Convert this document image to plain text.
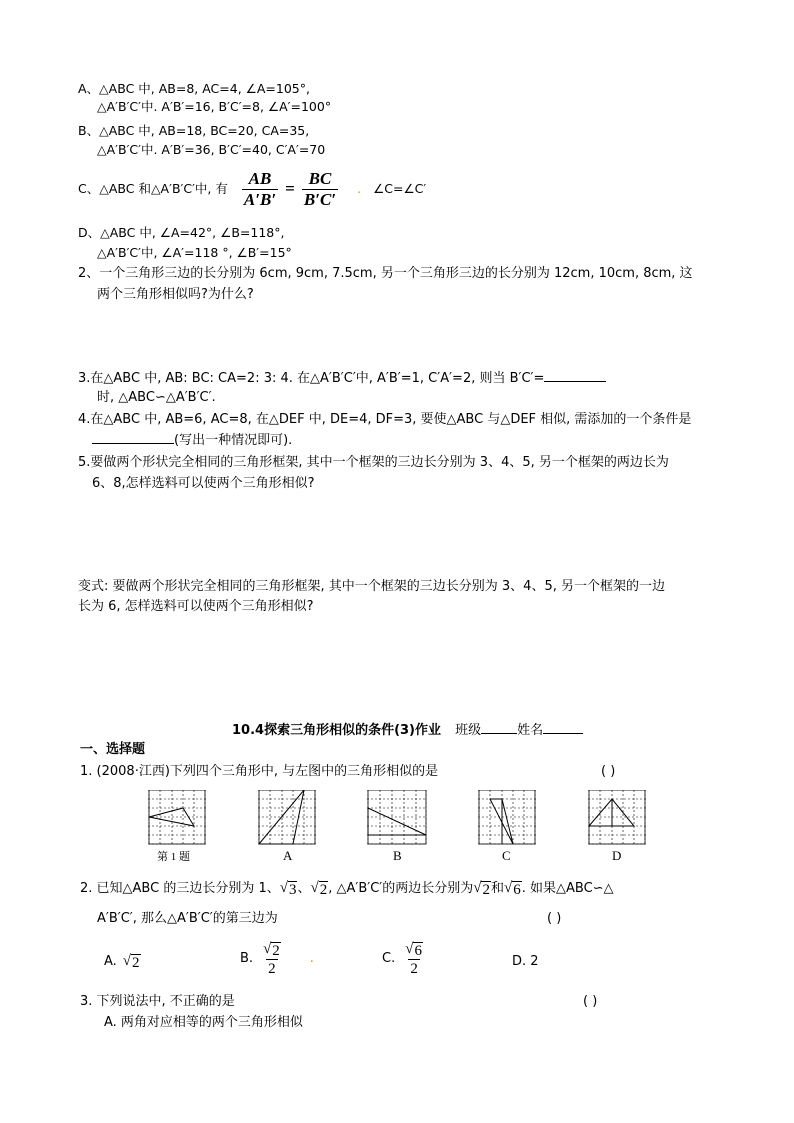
A、△ABC 中, AB=8, AC=4, ∠A=105°,
△A′B′C′中. A′B′=16, B′C′=8, ∠A′=100°
B、△ABC 中, AB=18, BC=20, CA=35,
△A′B′C′中. A′B′=36, B′C′=40, C′A′=70
C、△ABC 和△A′B′C′中, 有 $\frac{AB}{A'B'} = \frac{BC}{B'C'}$ . ∠C=∠C′
D、△ABC 中, ∠A=42°, ∠B=118°,
△A′B′C′中, ∠A′=118 °, ∠B′=15°
2、一个三角形三边的长分别为 6cm, 9cm, 7.5cm, 另一个三角形三边的长分别为 12cm, 10cm, 8cm, 这
两个三角形相似吗?为什么?
3.在△ABC 中, AB: BC: CA=2: 3: 4. 在△A′B′C′中, A′B′=1, C′A′=2, 则当 B′C′=
时, △ABC∽△A′B′C′.
4.在△ABC 中, AB=6, AC=8, 在△DEF 中, DE=4, DF=3, 要使△ABC 与△DEF 相似, 需添加的一个条件是
(写出一种情况即可).
5.要做两个形状完全相同的三角形框架, 其中一个框架的三边长分别为 3、4、5, 另一个框架的两边长为
6、8,怎样选料可以使两个三角形相似?
变式: 要做两个形状完全相同的三角形框架, 其中一个框架的三边长分别为 3、4、5, 另一个框架的一边
长为 6, 怎样选料可以使两个三角形相似?
10.4探索三角形相似的条件(3)作业 班级	姓名
一、选择题
1. (2008·江西)下列四个三角形中, 与左图中的三角形相似的是	( )
第 1 题	A	B	C	D
2. 已知△ABC 的三边长分别为 1、 √ 3 、 √ 2 , △A′B′C′的两边长分别为 √ 2 和 √ 6 . 如果△ABC∽△
A′B′C′, 那么△A′B′C′的第三边为	( )
A. √ 2	B. $\frac{√ 2}{2}$ .	C. $\frac{√ 6}{2}$	D. 2
3. 下列说法中, 不正确的是	( )
A. 两角对应相等的两个三角形相似
